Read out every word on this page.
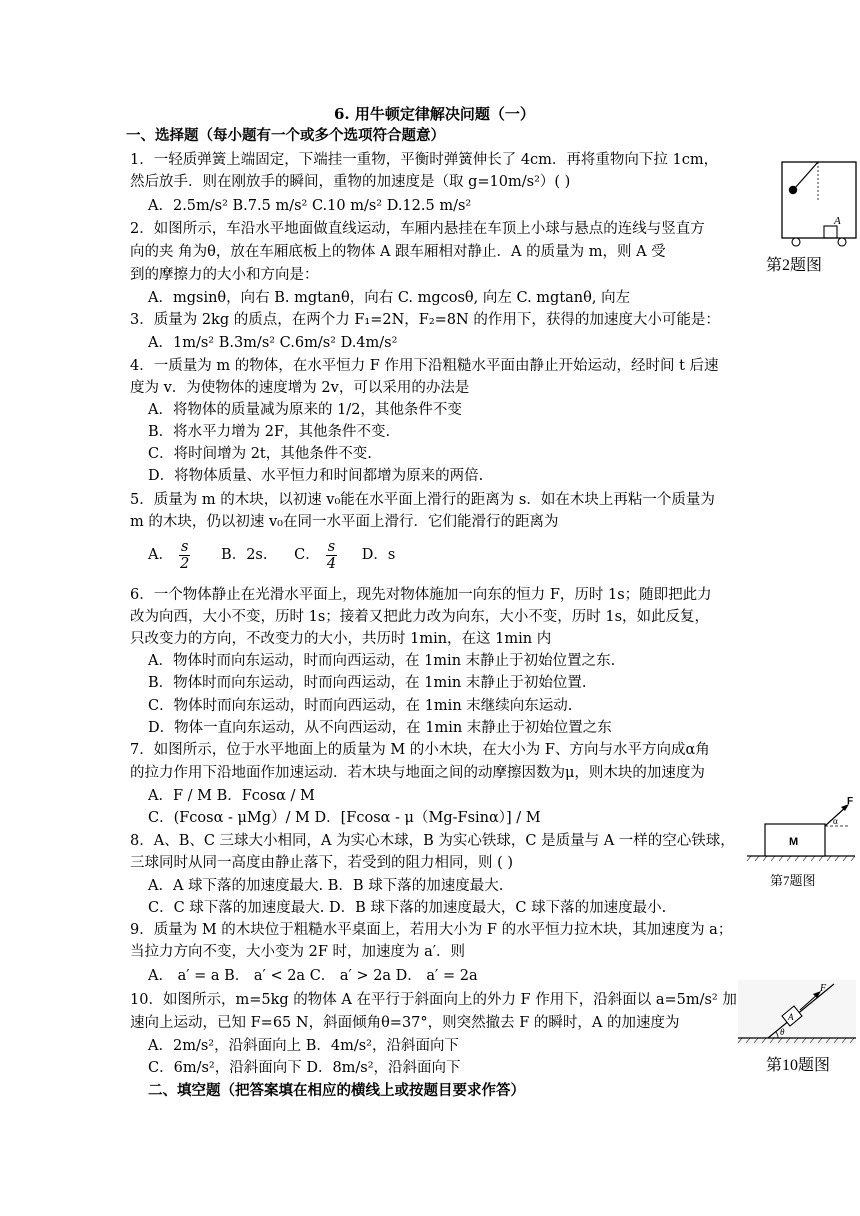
6. 用牛顿定律解决问题（一）
一、选择题（每小题有一个或多个选项符合题意）
1．一轻质弹簧上端固定，下端挂一重物，平衡时弹簧伸长了 4cm．再将重物向下拉 1cm，
然后放手．则在刚放手的瞬间，重物的加速度是（取 g=10m/s²）( )
A．2.5m/s² B.7.5 m/s² C.10 m/s² D.12.5 m/s²
2．如图所示，车沿水平地面做直线运动，车厢内悬挂在车顶上小球与悬点的连线与竖直方
向的夹 角为θ，放在车厢底板上的物体 A 跟车厢相对静止．A 的质量为 m，则 A 受
到的摩擦力的大小和方向是：
A．mgsinθ，向右 B. mgtanθ，向右 C. mgcosθ, 向左 C. mgtanθ, 向左
3．质量为 2kg 的质点，在两个力 F₁=2N，F₂=8N 的作用下，获得的加速度大小可能是：
A．1m/s² B.3m/s² C.6m/s² D.4m/s²
4．一质量为 m 的物体，在水平恒力 F 作用下沿粗糙水平面由静止开始运动，经时间 t 后速
度为 v．为使物体的速度增为 2v，可以采用的办法是
A．将物体的质量减为原来的 1/2，其他条件不变
B．将水平力增为 2F，其他条件不变.
C．将时间增为 2t，其他条件不变.
D．将物体质量、水平恒力和时间都增为原来的两倍.
5．质量为 m 的木块，以初速 v₀能在水平面上滑行的距离为 s．如在木块上再粘一个质量为
m 的木块，仍以初速 v₀在同一水平面上滑行．它们能滑行的距离为
A． $\frac{s}{2}$ B．2s. C． $\frac{s}{4}$ D．s
6．一个物体静止在光滑水平面上，现先对物体施加一向东的恒力 F，历时 1s；随即把此力
改为向西，大小不变，历时 1s；接着又把此力改为向东，大小不变，历时 1s，如此反复，
只改变力的方向，不改变力的大小，共历时 1min，在这 1min 内
A．物体时而向东运动，时而向西运动，在 1min 末静止于初始位置之东.
B．物体时而向东运动，时而向西运动，在 1min 末静止于初始位置.
C．物体时而向东运动，时而向西运动，在 1min 末继续向东运动.
D．物体一直向东运动，从不向西运动，在 1min 末静止于初始位置之东
7．如图所示，位于水平地面上的质量为 M 的小木块，在大小为 F、方向与水平方向成α角
的拉力作用下沿地面作加速运动．若木块与地面之间的动摩擦因数为μ，则木块的加速度为
A．F / M B．Fcosα / M
C．(Fcosα - μMg）/ M D．[Fcosα - μ（Mg-Fsinα）] / M
8．A、B、C 三球大小相同，A 为实心木球，B 为实心铁球，C 是质量与 A 一样的空心铁球，
三球同时从同一高度由静止落下，若受到的阻力相同，则 ( )
A．A 球下落的加速度最大. B．B 球下落的加速度最大.
C．C 球下落的加速度最大. D．B 球下落的加速度最大，C 球下落的加速度最小.
9．质量为 M 的木块位于粗糙水平桌面上，若用大小为 F 的水平恒力拉木块，其加速度为 a；
当拉力方向不变，大小变为 2F 时，加速度为 a′．则
A． a′ = a B． a′ < 2a C． a′ > 2a D． a′ = 2a
10．如图所示，m=5kg 的物体 A 在平行于斜面向上的外力 F 作用下，沿斜面以 a=5m/s² 加
速向上运动，已知 F=65 N，斜面倾角θ=37°，则突然撤去 F 的瞬时，A 的加速度为
A．2m/s²，沿斜面向上 B．4m/s²，沿斜面向下
C．6m/s²，沿斜面向下 D．8m/s²，沿斜面向下
二、填空题（把答案填在相应的横线上或按题目要求作答）
A
第2题图
M
F
α
第7题图
A
F
θ
第10题图
